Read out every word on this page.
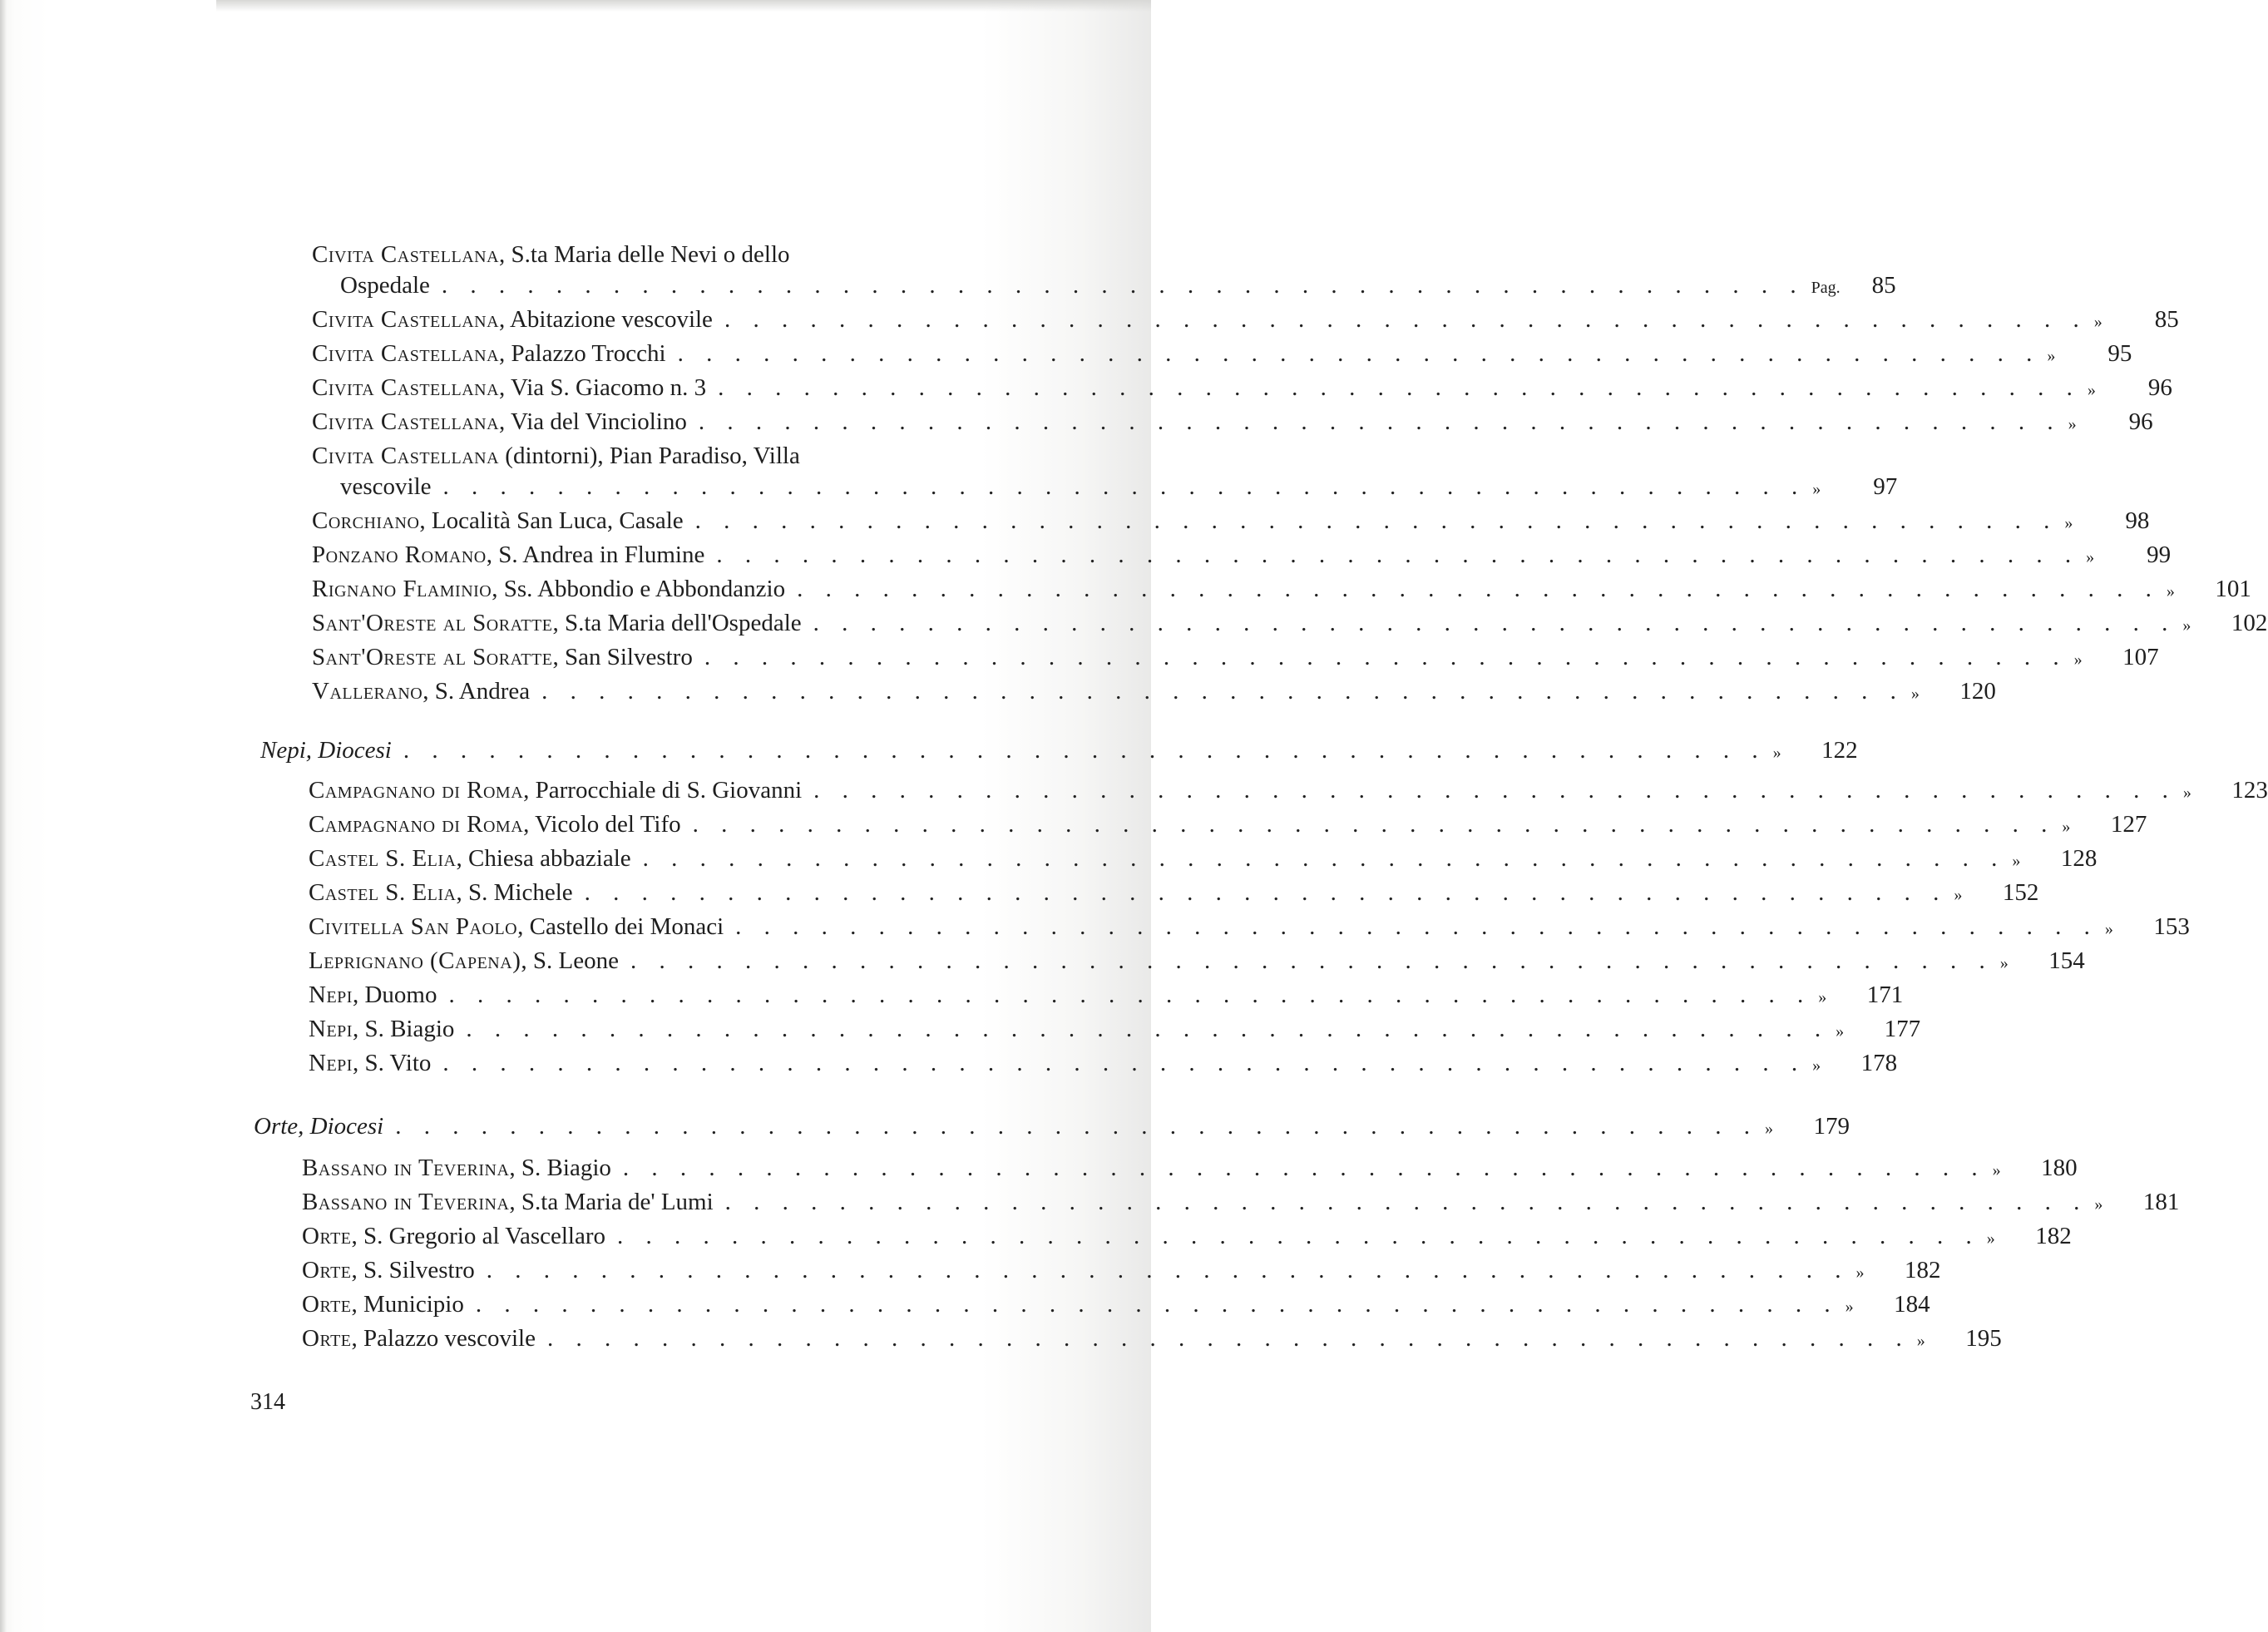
Civita Castellana, S.ta Maria delle Nevi o dello
Ospedale . . . . . . . . . . . . . . . . . . . . . . . . . . . . . . . . . . . . . . . . . . . . . . . . Pag.	85
Civita Castellana, Abitazione vescovile . . . . . . . . . . . . . . . . . . . . . . . . . . . . . . . . . . . . . . . . . . . . . . . . »	85
Civita Castellana, Palazzo Trocchi . . . . . . . . . . . . . . . . . . . . . . . . . . . . . . . . . . . . . . . . . . . . . . . . »	95
Civita Castellana, Via S. Giacomo n. 3 . . . . . . . . . . . . . . . . . . . . . . . . . . . . . . . . . . . . . . . . . . . . . . . . »	96
Civita Castellana, Via del Vinciolino . . . . . . . . . . . . . . . . . . . . . . . . . . . . . . . . . . . . . . . . . . . . . . . . »	96
Civita Castellana (dintorni), Pian Paradiso, Villa
vescovile . . . . . . . . . . . . . . . . . . . . . . . . . . . . . . . . . . . . . . . . . . . . . . . . »	97
Corchiano, Località San Luca, Casale . . . . . . . . . . . . . . . . . . . . . . . . . . . . . . . . . . . . . . . . . . . . . . . . »	98
Ponzano Romano, S. Andrea in Flumine . . . . . . . . . . . . . . . . . . . . . . . . . . . . . . . . . . . . . . . . . . . . . . . . »	99
Rignano Flaminio, Ss. Abbondio e Abbondanzio . . . . . . . . . . . . . . . . . . . . . . . . . . . . . . . . . . . . . . . . . . . . . . . . »	101
Sant'Oreste al Soratte, S.ta Maria dell'Ospedale . . . . . . . . . . . . . . . . . . . . . . . . . . . . . . . . . . . . . . . . . . . . . . . . »	102
Sant'Oreste al Soratte, San Silvestro . . . . . . . . . . . . . . . . . . . . . . . . . . . . . . . . . . . . . . . . . . . . . . . . »	107
Vallerano, S. Andrea . . . . . . . . . . . . . . . . . . . . . . . . . . . . . . . . . . . . . . . . . . . . . . . . »	120
Nepi, Diocesi . . . . . . . . . . . . . . . . . . . . . . . . . . . . . . . . . . . . . . . . . . . . . . . . »	122
Campagnano di Roma, Parrocchiale di S. Giovanni . . . . . . . . . . . . . . . . . . . . . . . . . . . . . . . . . . . . . . . . . . . . . . . . »	123
Campagnano di Roma, Vicolo del Tifo . . . . . . . . . . . . . . . . . . . . . . . . . . . . . . . . . . . . . . . . . . . . . . . . »	127
Castel S. Elia, Chiesa abbaziale . . . . . . . . . . . . . . . . . . . . . . . . . . . . . . . . . . . . . . . . . . . . . . . . »	128
Castel S. Elia, S. Michele . . . . . . . . . . . . . . . . . . . . . . . . . . . . . . . . . . . . . . . . . . . . . . . . »	152
Civitella San Paolo, Castello dei Monaci . . . . . . . . . . . . . . . . . . . . . . . . . . . . . . . . . . . . . . . . . . . . . . . . »	153
Leprignano (Capena), S. Leone . . . . . . . . . . . . . . . . . . . . . . . . . . . . . . . . . . . . . . . . . . . . . . . . »	154
Nepi, Duomo . . . . . . . . . . . . . . . . . . . . . . . . . . . . . . . . . . . . . . . . . . . . . . . . »	171
Nepi, S. Biagio . . . . . . . . . . . . . . . . . . . . . . . . . . . . . . . . . . . . . . . . . . . . . . . . »	177
Nepi, S. Vito . . . . . . . . . . . . . . . . . . . . . . . . . . . . . . . . . . . . . . . . . . . . . . . . »	178
Orte, Diocesi . . . . . . . . . . . . . . . . . . . . . . . . . . . . . . . . . . . . . . . . . . . . . . . . »	179
Bassano in Teverina, S. Biagio . . . . . . . . . . . . . . . . . . . . . . . . . . . . . . . . . . . . . . . . . . . . . . . . »	180
Bassano in Teverina, S.ta Maria de' Lumi . . . . . . . . . . . . . . . . . . . . . . . . . . . . . . . . . . . . . . . . . . . . . . . . »	181
Orte, S. Gregorio al Vascellaro . . . . . . . . . . . . . . . . . . . . . . . . . . . . . . . . . . . . . . . . . . . . . . . . »	182
Orte, S. Silvestro . . . . . . . . . . . . . . . . . . . . . . . . . . . . . . . . . . . . . . . . . . . . . . . . »	182
Orte, Municipio . . . . . . . . . . . . . . . . . . . . . . . . . . . . . . . . . . . . . . . . . . . . . . . . »	184
Orte, Palazzo vescovile . . . . . . . . . . . . . . . . . . . . . . . . . . . . . . . . . . . . . . . . . . . . . . . . »	195
314
